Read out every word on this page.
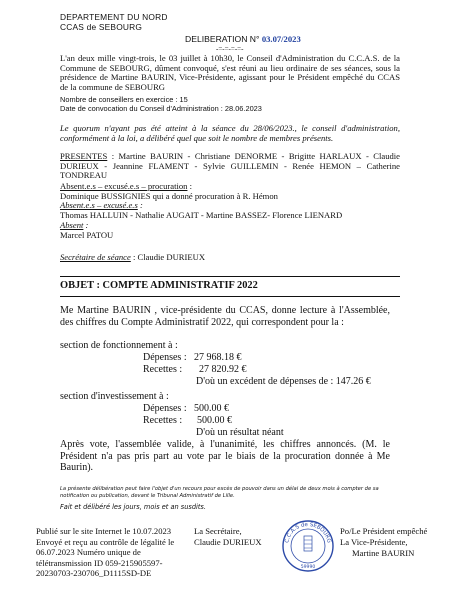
DEPARTEMENT DU NORD
CCAS de SEBOURG
DELIBERATION N° 03.07/2023
-=-=-=-=-
L'an deux mille vingt-trois, le 03 juillet à 10h30, le Conseil d'Administration du C.C.A.S. de la Commune de SEBOURG, dûment convoqué, s'est réuni au lieu ordinaire de ses séances, sous la présidence de Martine BAURIN, Vice-Présidente, agissant pour le Président empêché du CCAS de la commune de SEBOURG
Nombre de conseillers en exercice : 15
Date de convocation du Conseil d'Administration : 28.06.2023
Le quorum n'ayant pas été atteint à la séance du 28/06/2023., le conseil d'administration, conformément à la loi, a délibéré quel que soit le nombre de membres présents.
PRESENTES : Martine BAURIN - Christiane DENORME - Brigitte HARLAUX - Claudie DURIEUX - Jeannine FLAMENT - Sylvie GUILLEMIN - Renée HEMON – Catherine TONDREAU
Absent.e.s – excusé.e.s – procuration :
Dominique BUSSIGNIES qui a donné procuration à R. Hémon
Absent.e.s – excusé.e.s :
Thomas HALLUIN - Nathalie AUGAIT - Martine BASSEZ- Florence LIENARD
Absent :
Marcel PATOU
Secrétaire de séance : Claudie DURIEUX
OBJET : COMPTE ADMINISTRATIF 2022
Me Martine BAURIN , vice-présidente du CCAS, donne lecture à l'Assemblée, des chiffres du Compte Administratif 2022, qui correspondent pour la :
section de fonctionnement à :
Dépenses : 27 968.18 €
Recettes : 27 820.92 €
D'où un excédent de dépenses de : 147.26 €
section d'investissement à :
Dépenses : 500.00 €
Recettes : 500.00 €
D'où un résultat néant
Après vote, l'assemblée valide, à l'unanimité, les chiffres annoncés. (M. le Président n'a pas pris part au vote par le biais de la procuration donnée à Me Baurin).
La présente délibération peut faire l'objet d'un recours pour excès de pouvoir dans un délai de deux mois à compter de sa notification ou publication, devant le Tribunal Administratif de Lille.
Fait et délibéré les jours, mois et an susdits.
Publié sur le site Internet le 10.07.2023 Envoyé et reçu au contrôle de légalité le 06.07.2023 Numéro unique de télétransmission ID 059-215905597-20230703-230706_D1115SD-DE
La Secrétaire,
Claudie DURIEUX	C.C.A.S de SEBOURG
59990
Po/Le Président empêché
La Vice-Présidente,
Martine BAURIN
